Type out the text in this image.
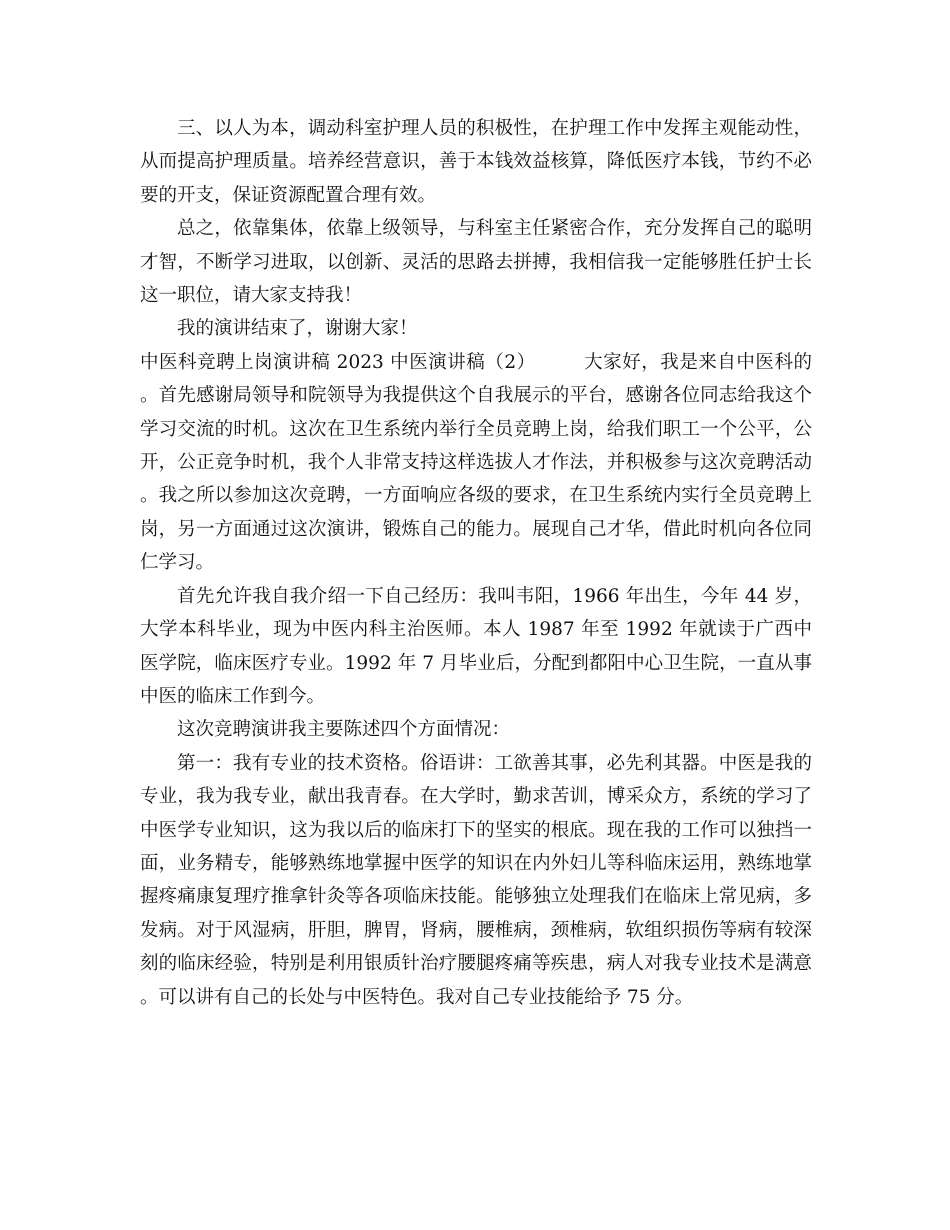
三、以人为本，调动科室护理人员的积极性，在护理工作中发挥主观能动性，从而提高护理质量。培养经营意识，善于本钱效益核算，降低医疗本钱，节约不必要的开支，保证资源配置合理有效。

总之，依靠集体，依靠上级领导，与科室主任紧密合作，充分发挥自己的聪明才智，不断学习进取，以创新、灵活的思路去拼搏，我相信我一定能够胜任护士长这一职位，请大家支持我！

我的演讲结束了，谢谢大家！

中医科竞聘上岗演讲稿 2023 中医演讲稿（2）	大家好，我是来自中医科的。首先感谢局领导和院领导为我提供这个自我展示的平台，感谢各位同志给我这个学习交流的时机。这次在卫生系统内举行全员竞聘上岗，给我们职工一个公平，公开，公正竞争时机，我个人非常支持这样选拔人才作法，并积极参与这次竞聘活动。我之所以参加这次竞聘，一方面响应各级的要求，在卫生系统内实行全员竞聘上岗，另一方面通过这次演讲，锻炼自己的能力。展现自己才华，借此时机向各位同仁学习。

首先允许我自我介绍一下自己经历：我叫韦阳，1966 年出生，今年 44 岁，大学本科毕业，现为中医内科主治医师。本人 1987 年至 1992 年就读于广西中医学院，临床医疗专业。1992 年 7 月毕业后，分配到都阳中心卫生院，一直从事中医的临床工作到今。

这次竞聘演讲我主要陈述四个方面情况：

第一：我有专业的技术资格。俗语讲：工欲善其事，必先利其器。中医是我的专业，我为我专业，献出我青春。在大学时，勤求苦训，博采众方，系统的学习了中医学专业知识，这为我以后的临床打下的坚实的根底。现在我的工作可以独挡一面，业务精专，能够熟练地掌握中医学的知识在内外妇儿等科临床运用，熟练地掌握疼痛康复理疗推拿针灸等各项临床技能。能够独立处理我们在临床上常见病，多发病。对于风湿病，肝胆，脾胃，肾病，腰椎病，颈椎病，软组织损伤等病有较深刻的临床经验，特别是利用银质针治疗腰腿疼痛等疾患，病人对我专业技术是满意。可以讲有自己的长处与中医特色。我对自己专业技能给予 75 分。
